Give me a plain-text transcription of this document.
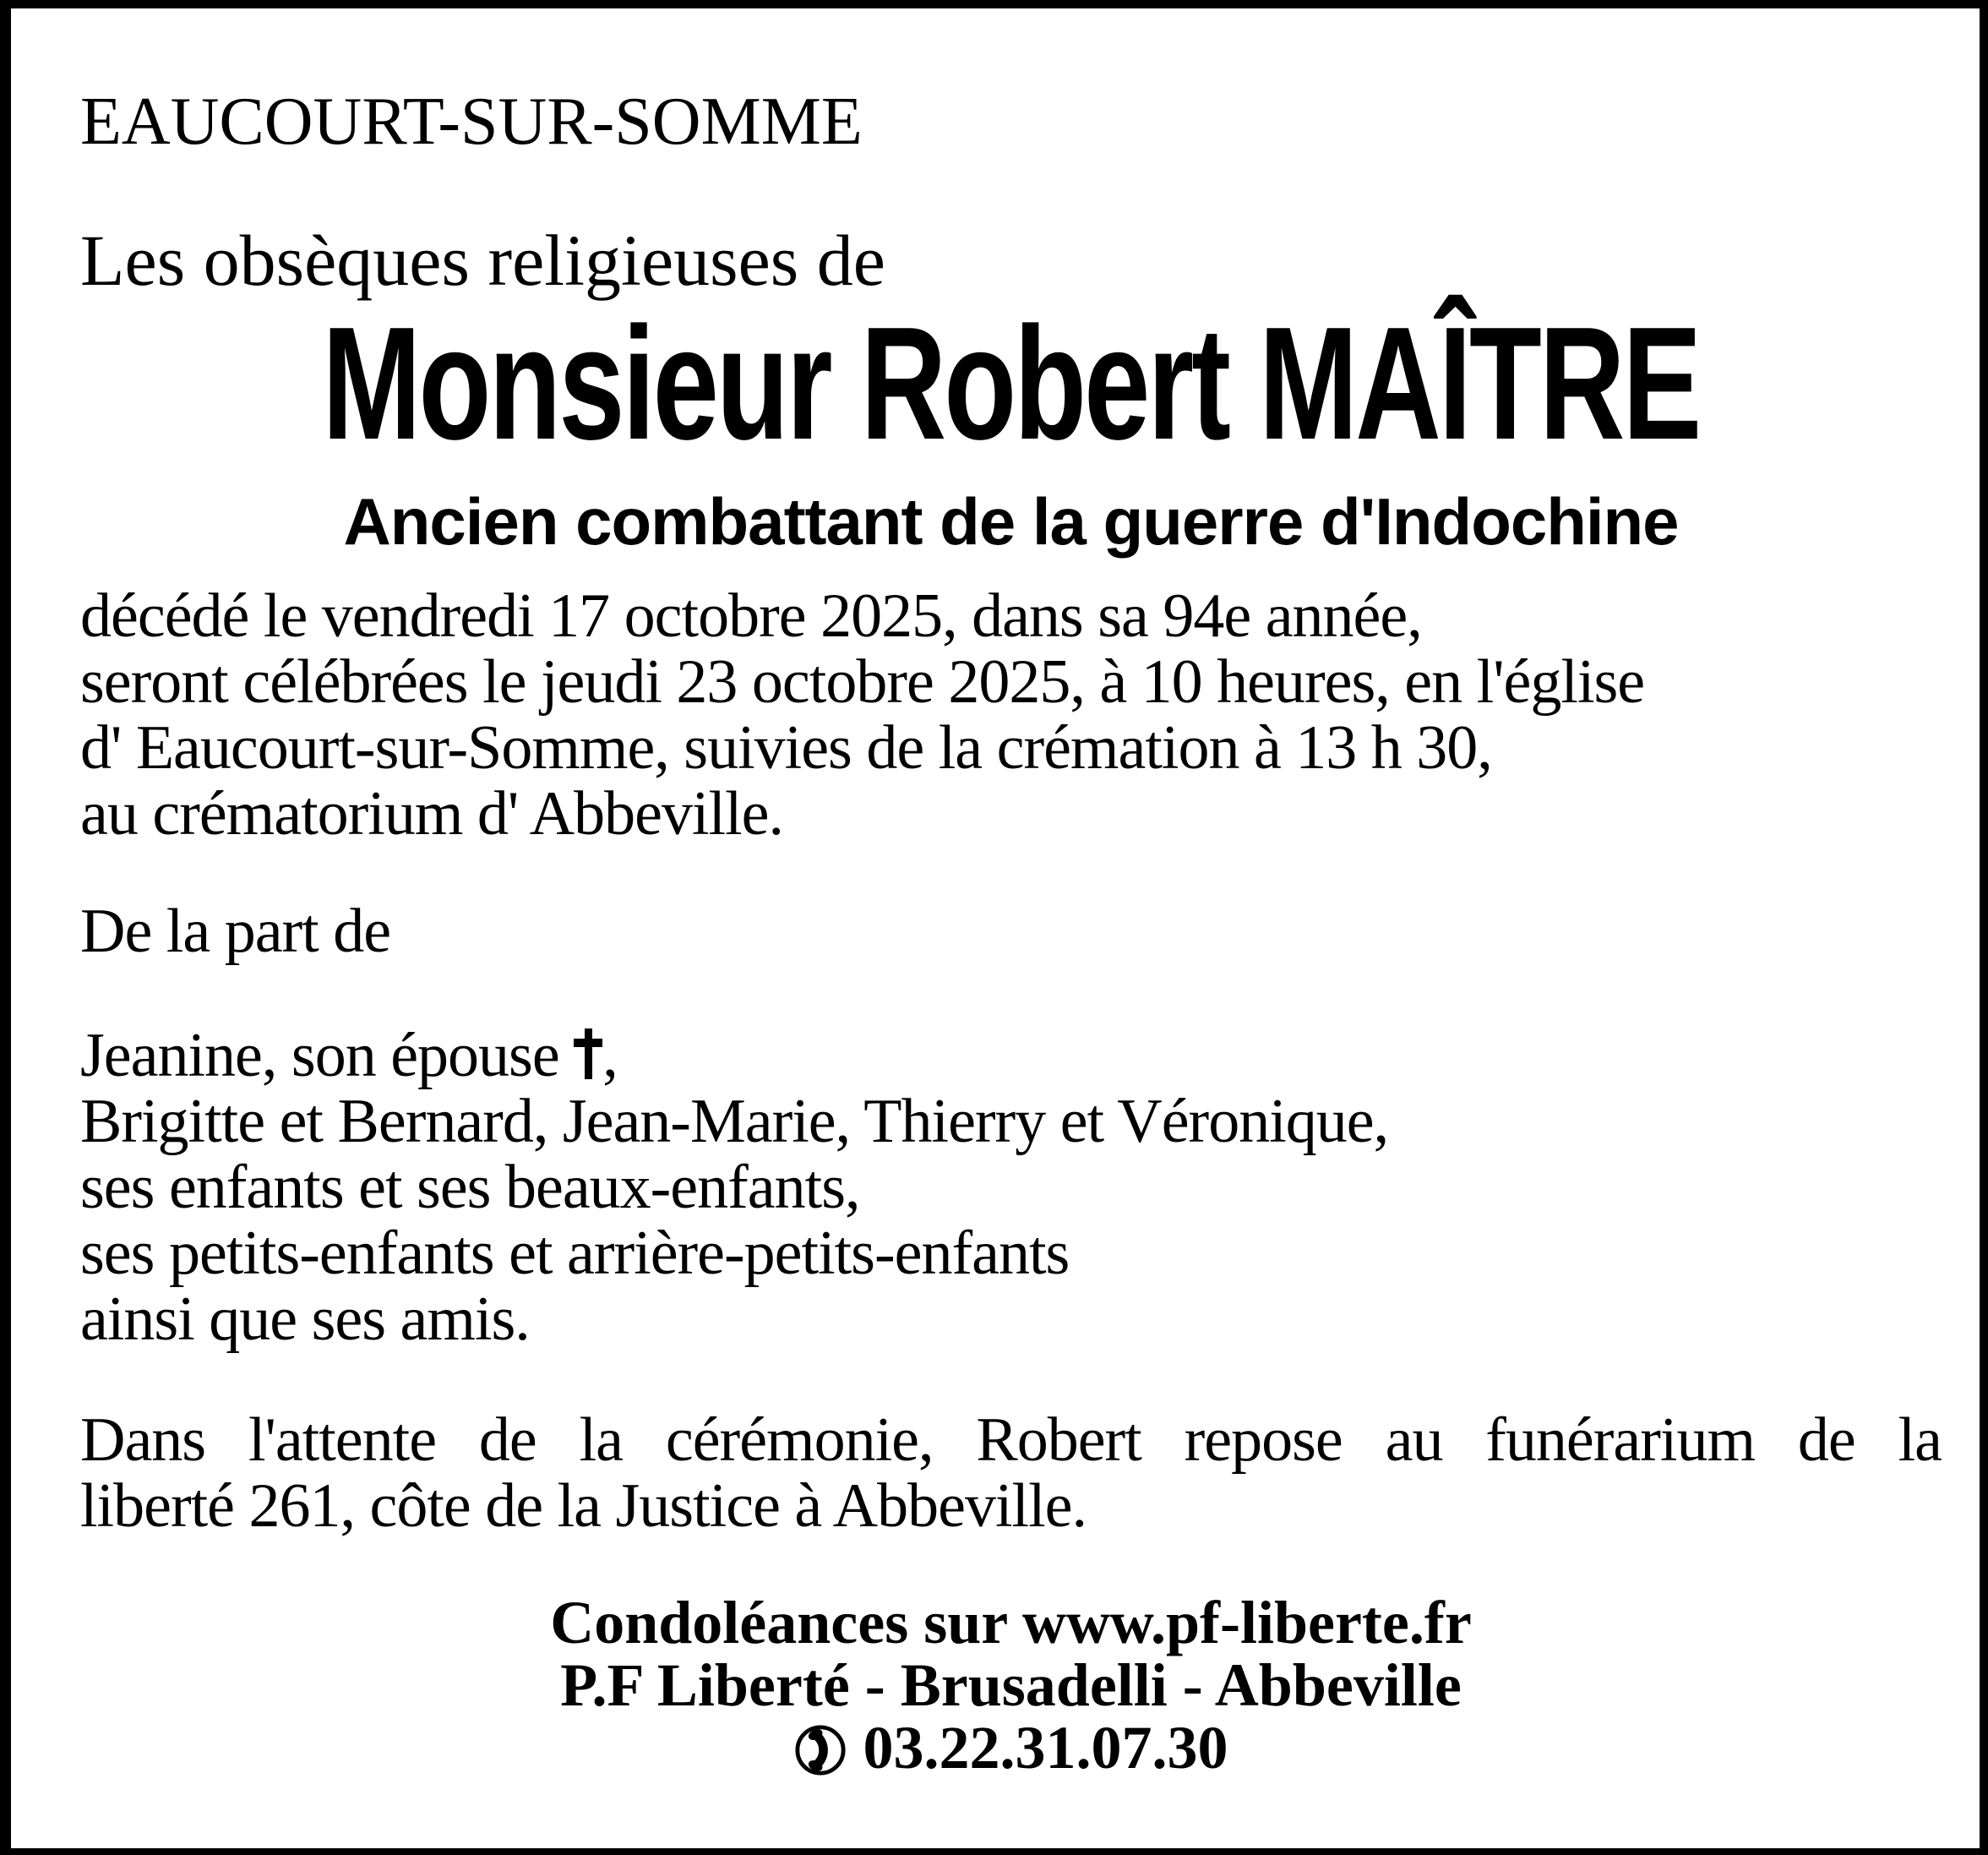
EAUCOURT-SUR-SOMME
Les obsèques religieuses de
Monsieur Robert MAÎTRE
Ancien combattant de la guerre d'Indochine
décédé le vendredi 17 octobre 2025, dans sa 94e année,
seront célébrées le jeudi 23 octobre 2025, à 10 heures, en l'église
d' Eaucourt-sur-Somme, suivies de la crémation à 13 h 30,
au crématorium d' Abbeville.
De la part de
Jeanine, son épouse ,
Brigitte et Bernard, Jean-Marie, Thierry et Véronique,
ses enfants et ses beaux-enfants,
ses petits-enfants et arrière-petits-enfants
ainsi que ses amis.
Dans l'attente de la cérémonie, Robert repose au funérarium de la
liberté 261, côte de la Justice à Abbeville.
Condoléances sur www.pf-liberte.fr
P.F Liberté - Brusadelli - Abbeville
03.22.31.07.30
